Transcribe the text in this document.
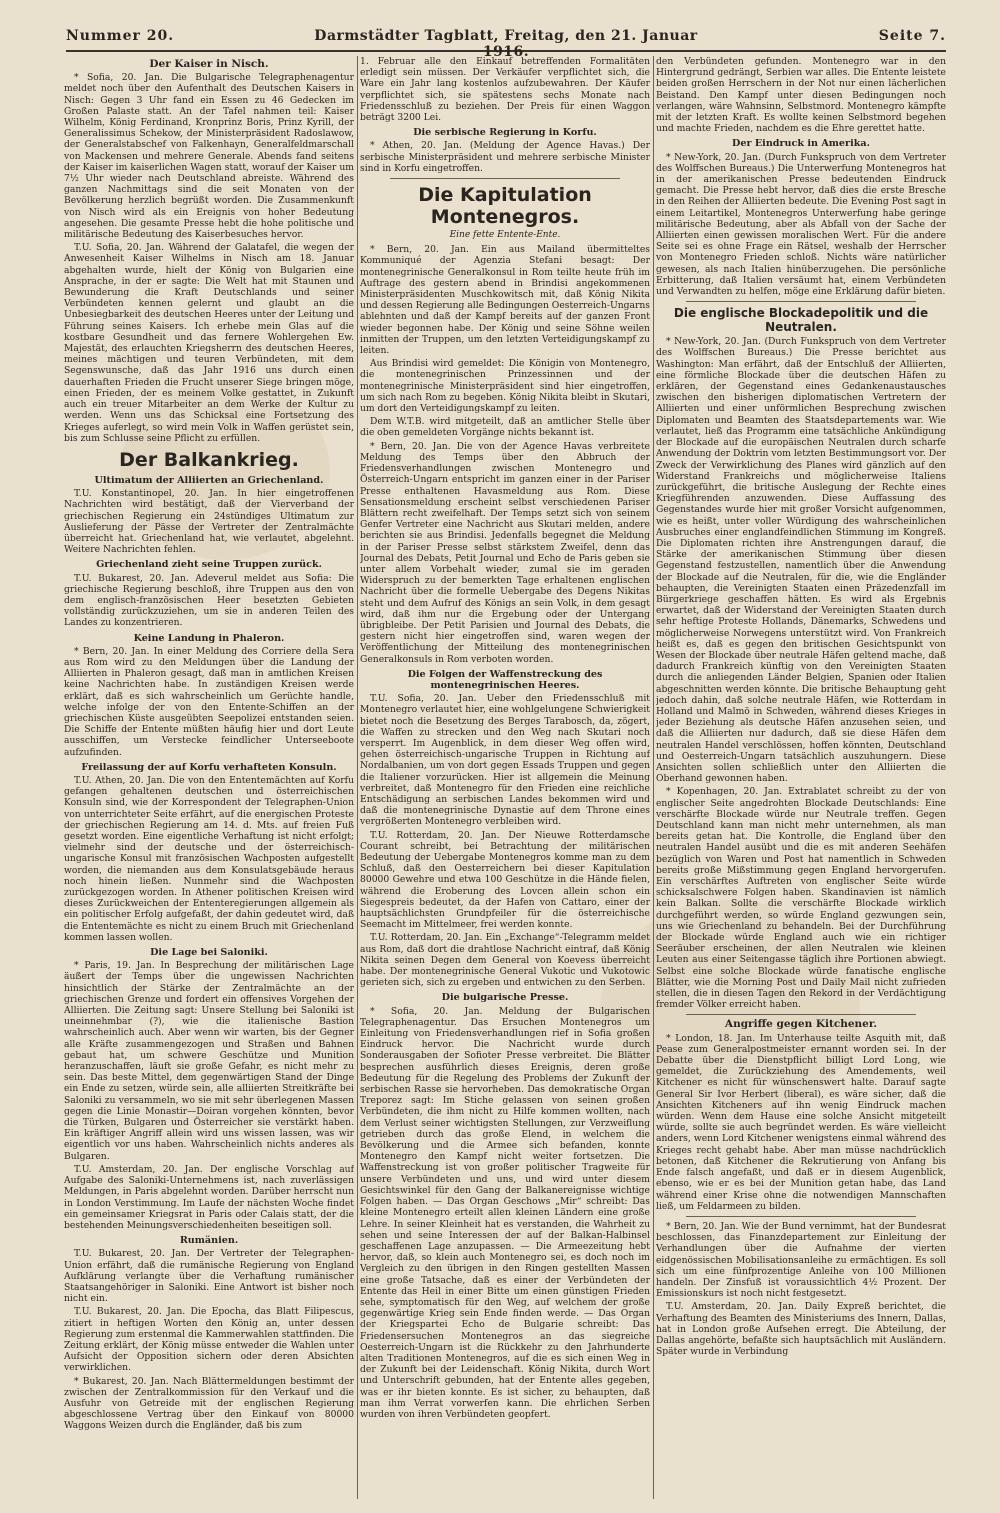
Nummer 20.	Darmstädter Tagblatt, Freitag, den 21. Januar 1916.
Seite 7.
Der Kaiser in Nisch.

* Sofia, 20. Jan. Die Bulgarische Telegraphenagentur meldet noch über den Aufenthalt des Deutschen Kaisers in Nisch: Gegen 3 Uhr fand ein Essen zu 46 Gedecken im Großen Palaste statt. An der Tafel nahmen teil: Kaiser Wilhelm, König Ferdinand, Kronprinz Boris, Prinz Kyrill, der Generalissimus Schekow, der Ministerpräsident Radoslawow, der Generalstabschef von Falkenhayn, Generalfeldmarschall von Mackensen und mehrere Generale. Abends fand seitens der Kaiser im kaiserlichen Wagen statt, worauf der Kaiser um 7½ Uhr wieder nach Deutschland abreiste. Während des ganzen Nachmittags sind die seit Monaten von der Bevölkerung herzlich begrüßt worden. Die Zusammenkunft von Nisch wird als ein Ereignis von hoher Bedeutung angesehen. Die gesamte Presse hebt die hohe politische und militärische Bedeutung des Kaiserbesuches hervor.

T.U. Sofia, 20. Jan. Während der Galatafel, die wegen der Anwesenheit Kaiser Wilhelms in Nisch am 18. Januar abgehalten wurde, hielt der König von Bulgarien eine Ansprache, in der er sagte: Die Welt hat mit Staunen und Bewunderung die Kraft Deutschlands und seiner Verbündeten kennen gelernt und glaubt an die Unbesiegbarkeit des deutschen Heeres unter der Leitung und Führung seines Kaisers. Ich erhebe mein Glas auf die kostbare Gesundheit und das fernere Wohlergehen Ew. Majestät, des erlauchten Kriegsherrn des deutschen Heeres, meines mächtigen und teuren Verbündeten, mit dem Segenswunsche, daß das Jahr 1916 uns durch einen dauerhaften Frieden die Frucht unserer Siege bringen möge, einen Frieden, der es meinem Volke gestattet, in Zukunft auch ein treuer Mitarbeiter an dem Werke der Kultur zu werden. Wenn uns das Schicksal eine Fortsetzung des Krieges auferlegt, so wird mein Volk in Waffen gerüstet sein, bis zum Schlusse seine Pflicht zu erfüllen.

Der Balkankrieg.
Ultimatum der Alliierten an Griechenland.

T.U. Konstantinopel, 20. Jan. In hier eingetroffenen Nachrichten wird bestätigt, daß der Vierverband der griechischen Regierung ein 24stündiges Ultimatum zur Auslieferung der Pässe der Vertreter der Zentralmächte überreicht hat. Griechenland hat, wie verlautet, abgelehnt. Weitere Nachrichten fehlen.

Griechenland zieht seine Truppen zurück.

T.U. Bukarest, 20. Jan. Adeverul meldet aus Sofia: Die griechische Regierung beschloß, ihre Truppen aus den von dem englisch-französischen Heer besetzten Gebieten vollständig zurückzuziehen, um sie in anderen Teilen des Landes zu konzentrieren.

Keine Landung in Phaleron.

* Bern, 20. Jan. In einer Meldung des Corriere della Sera aus Rom wird zu den Meldungen über die Landung der Alliierten in Phaleron gesagt, daß man in amtlichen Kreisen keine Nachrichten habe. In zuständigen Kreisen werde erklärt, daß es sich wahrscheinlich um Gerüchte handle, welche infolge der von den Entente-Schiffen an der griechischen Küste ausgeübten Seepolizei entstanden seien. Die Schiffe der Entente müßten häufig hier und dort Leute ausschiffen, um Verstecke feindlicher Unterseeboote aufzufinden.

Freilassung der auf Korfu verhafteten Konsuln.

T.U. Athen, 20. Jan. Die von den Ententemächten auf Korfu gefangen gehaltenen deutschen und österreichischen Konsuln sind, wie der Korrespondent der Telegraphen-Union von unterrichteter Seite erfährt, auf die energischen Proteste der griechischen Regierung am 14. d. Mts. auf freien Fuß gesetzt worden. Eine eigentliche Verhaftung ist nicht erfolgt; vielmehr sind der deutsche und der österreichisch-ungarische Konsul mit französischen Wachposten aufgestellt worden, die niemanden aus dem Konsulatsgebäude heraus noch hinein ließen. Nunmehr sind die Wachposten zurückgezogen worden. In Athener politischen Kreisen wird dieses Zurückweichen der Ententeregierungen allgemein als ein politischer Erfolg aufgefaßt, der dahin gedeutet wird, daß die Ententemächte es nicht zu einem Bruch mit Griechenland kommen lassen wollen.

Die Lage bei Saloniki.

* Paris, 19. Jan. In Besprechung der militärischen Lage äußert der Temps über die ungewissen Nachrichten hinsichtlich der Stärke der Zentralmächte an der griechischen Grenze und fordert ein offensives Vorgehen der Alliierten. Die Zeitung sagt: Unsere Stellung bei Saloniki ist uneinnehmbar (?), wie die italienische Bastion wahrscheinlich auch. Aber wenn wir warten, bis der Gegner alle Kräfte zusammengezogen und Straßen und Bahnen gebaut hat, um schwere Geschütze und Munition heranzuschaffen, läuft sie große Gefahr, es nicht mehr zu sein. Das beste Mittel, dem gegenwärtigen Stand der Dinge ein Ende zu setzen, würde sein, alle alliierten Streitkräfte bei Saloniki zu versammeln, wo sie mit sehr überlegenen Massen gegen die Linie Monastir—Doiran vorgehen könnten, bevor die Türken, Bulgaren und Österreicher sie verstärkt haben. Ein kräftiger Angriff allein wird uns wissen lassen, was wir eigentlich vor uns haben. Wahrscheinlich nichts anderes als Bulgaren.

T.U. Amsterdam, 20. Jan. Der englische Vorschlag auf Aufgabe des Saloniki-Unternehmens ist, nach zuverlässigen Meldungen, in Paris abgelehnt worden. Darüber herrscht nun in London Verstimmung. Im Laufe der nächsten Woche findet ein gemeinsamer Kriegsrat in Paris oder Calais statt, der die bestehenden Meinungsverschiedenheiten beseitigen soll.

Rumänien.

T.U. Bukarest, 20. Jan. Der Vertreter der Telegraphen-Union erfährt, daß die rumänische Regierung von England Aufklärung verlangte über die Verhaftung rumänischer Staatsangehöriger in Saloniki. Eine Antwort ist bisher noch nicht ein.

T.U. Bukarest, 20. Jan. Die Epocha, das Blatt Filipescus, zitiert in heftigen Worten den König an, unter dessen Regierung zum erstenmal die Kammerwahlen stattfinden. Die Zeitung erklärt, der König müsse entweder die Wahlen unter Aufsicht der Opposition sichern oder deren Absichten verwirklichen.

* Bukarest, 20. Jan. Nach Blättermeldungen bestimmt der zwischen der Zentralkommission für den Verkauf und die Ausfuhr von Getreide mit der englischen Regierung abgeschlossene Vertrag über den Einkauf von 80000 Waggons Weizen durch die Engländer, daß bis zum

1. Februar alle den Einkauf betreffenden Formalitäten erledigt sein müssen. Der Verkäufer verpflichtet sich, die Ware ein Jahr lang kostenlos aufzubewahren. Der Käufer verpflichtet sich, sie spätestens sechs Monate nach Friedensschluß zu beziehen. Der Preis für einen Waggon beträgt 3200 Lei.

Die serbische Regierung in Korfu.

* Athen, 20. Jan. (Meldung der Agence Havas.) Der serbische Ministerpräsident und mehrere serbische Minister sind in Korfu eingetroffen.

Die Kapitulation Montenegros.
Eine fette Entente-Ente.

* Bern, 20. Jan. Ein aus Mailand übermitteltes Kommuniqué der Agenzia Stefani besagt: Der montenegrinische Generalkonsul in Rom teilte heute früh im Auftrage des gestern abend in Brindisi angekommenen Ministerpräsidenten Muschkowitsch mit, daß König Nikita und dessen Regierung alle Bedingungen Oesterreich-Ungarns ablehnten und daß der Kampf bereits auf der ganzen Front wieder begonnen habe. Der König und seine Söhne weilen inmitten der Truppen, um den letzten Verteidigungskampf zu leiten.

Aus Brindisi wird gemeldet: Die Königin von Montenegro, die montenegrinischen Prinzessinnen und der montenegrinische Ministerpräsident sind hier eingetroffen, um sich nach Rom zu begeben. König Nikita bleibt in Skutari, um dort den Verteidigungskampf zu leiten.

Dem W.T.B. wird mitgeteilt, daß an amtlicher Stelle über die oben gemeldeten Vorgänge nichts bekannt ist.

* Bern, 20. Jan. Die von der Agence Havas verbreitete Meldung des Temps über den Abbruch der Friedensverhandlungen zwischen Montenegro und Österreich-Ungarn entspricht im ganzen einer in der Pariser Presse enthaltenen Havasmeldung aus Rom. Diese Sensationsmeldung erscheint selbst verschiedenen Pariser Blättern recht zweifelhaft. Der Temps setzt sich von seinem Genfer Vertreter eine Nachricht aus Skutari melden, andere berichten sie aus Brindisi. Jedenfalls begegnet die Meldung in der Pariser Presse selbst stärkstem Zweifel, denn das Journal des Debats, Petit Journal und Echo de Paris geben sie unter allem Vorbehalt wieder, zumal sie im geraden Widerspruch zu der bemerkten Tage erhaltenen englischen Nachricht über die formelle Uebergabe des Degens Nikitas steht und dem Aufruf des Königs an sein Volk, in dem gesagt wird, daß ihm nur die Ergebung oder der Untergang übrigbleibe. Der Petit Parisien und Journal des Debats, die gestern nicht hier eingetroffen sind, waren wegen der Veröffentlichung der Mitteilung des montenegrinischen Generalkonsuls in Rom verboten worden.

Die Folgen der Waffenstreckung des montenegrinischen Heeres.

T.U. Sofia, 20. Jan. Ueber den Friedensschluß mit Montenegro verlautet hier, eine wohlgelungene Schwierigkeit bietet noch die Besetzung des Berges Tarabosch, da, zögert, die Waffen zu strecken und den Weg nach Skutari noch versperrt. Im Augenblick, in dem dieser Weg offen wird, gehen österreichisch-ungarische Truppen in Richtung auf Nordalbanien, um von dort gegen Essads Truppen und gegen die Italiener vorzurücken. Hier ist allgemein die Meinung verbreitet, daß Montenegro für den Frieden eine reichliche Entschädigung an serbischen Landes bekommen wird und daß die montenegrinische Dynastie auf dem Throne eines vergrößerten Montenegro verbleiben wird.

T.U. Rotterdam, 20. Jan. Der Nieuwe Rotterdamsche Courant schreibt, bei Betrachtung der militärischen Bedeutung der Uebergabe Montenegros komme man zu dem Schluß, daß den Oesterreichern bei dieser Kapitulation 80000 Gewehre und etwa 100 Geschütze in die Hände fielen, während die Eroberung des Lovcen allein schon ein Siegespreis bedeutet, da der Hafen von Cattaro, einer der hauptsächlichsten Grundpfeiler für die österreichische Seemacht im Mittelmeer, frei werden konnte.

T.U. Rotterdam, 20. Jan. Ein „Exchange“-Telegramm meldet aus Rom, daß dort die drahtlose Nachricht eintraf, daß König Nikita seinen Degen dem General von Koevess überreicht habe. Der montenegrinische General Vukotic und Vukotowic gerieten sich, sich zu ergeben und entwichen zu den Serben.

Die bulgarische Presse.

* Sofia, 20. Jan. Meldung der Bulgarischen Telegraphenagentur. Das Ersuchen Montenegros um Einleitung von Friedensverhandlungen rief in Sofia großen Eindruck hervor. Die Nachricht wurde durch Sonderausgaben der Sofioter Presse verbreitet. Die Blätter besprechen ausführlich dieses Ereignis, deren große Bedeutung für die Regelung des Problems der Zukunft der serbischen Rasse sie hervorheben. Das demokratische Organ Treporez sagt: Im Stiche gelassen von seinen großen Verbündeten, die ihm nicht zu Hilfe kommen wollten, nach dem Verlust seiner wichtigsten Stellungen, zur Verzweiflung getrieben durch das große Elend, in welchem die Bevölkerung und die Armee sich befanden, konnte Montenegro den Kampf nicht weiter fortsetzen. Die Waffenstreckung ist von großer politischer Tragweite für unsere Verbündeten und uns, und wird unter diesem Gesichtswinkel für den Gang der Balkanereignisse wichtige Folgen haben. — Das Organ Geschows „Mir“ schreibt: Das kleine Montenegro erteilt allen kleinen Ländern eine große Lehre. In seiner Kleinheit hat es verstanden, die Wahrheit zu sehen und seine Interessen der auf der Balkan-Halbinsel geschaffenen Lage anzupassen. — Die Armeezeitung hebt hervor, daß, so klein auch Montenegro sei, es doch noch im Vergleich zu den übrigen in den Ringen gestellten Massen eine große Tatsache, daß es einer der Verbündeten der Entente das Heil in einer Bitte um einen günstigen Frieden sehe, symptomatisch für den Weg, auf welchem der große gegenwärtige Krieg sein Ende finden werde. — Das Organ der Kriegspartei Echo de Bulgarie schreibt: Das Friedensersuchen Montenegros an das siegreiche Oesterreich-Ungarn ist die Rückkehr zu den Jahrhunderte alten Traditionen Montenegros, auf die es sich einen Weg in der Zukunft bei der Leidenschaft. König Nikita, durch Wort und Unterschrift gebunden, hat der Entente alles gegeben, was er ihr bieten konnte. Es ist sicher, zu behaupten, daß man ihm Verrat vorwerfen kann. Die ehrlichen Serben wurden von ihren Verbündeten geopfert.

den Verbündeten gefunden. Montenegro war in den Hintergrund gedrängt, Serbien war alles. Die Entente leistete beiden großen Herrschern in der Not nur einen lächerlichen Beistand. Den Kampf unter diesen Bedingungen noch verlangen, wäre Wahnsinn, Selbstmord. Montenegro kämpfte mit der letzten Kraft. Es wollte keinen Selbstmord begehen und machte Frieden, nachdem es die Ehre gerettet hatte.

Der Eindruck in Amerika.

* New-York, 20. Jan. (Durch Funkspruch von dem Vertreter des Wolffschen Bureaus.) Die Unterwerfung Montenegros hat in der amerikanischen Presse bedeutenden Eindruck gemacht. Die Presse hebt hervor, daß dies die erste Bresche in den Reihen der Alliierten bedeute. Die Evening Post sagt in einem Leitartikel, Montenegros Unterwerfung habe geringe militärische Bedeutung, aber als Abfall von der Sache der Alliierten einen gewissen moralischen Wert. Für die andere Seite sei es ohne Frage ein Rätsel, weshalb der Herrscher von Montenegro Frieden schloß. Nichts wäre natürlicher gewesen, als nach Italien hinüberzugehen. Die persönliche Erbitterung, daß Italien versäumt hat, einem Verbündeten und Verwandten zu helfen, möge eine Erklärung dafür bieten.

Die englische Blockadepolitik und die Neutralen.

* New-York, 20. Jan. (Durch Funkspruch von dem Vertreter des Wolffschen Bureaus.) Die Presse berichtet aus Washington: Man erfährt, daß der Entschluß der Alliierten, eine förmliche Blockade über die deutschen Häfen zu erklären, der Gegenstand eines Gedankenaustausches zwischen den bisherigen diplomatischen Vertretern der Alliierten und einer unförmlichen Besprechung zwischen Diplomaten und Beamten des Staatsdepartements war. Wie verlautet, ließ das Programm eine tatsächliche Ankündigung der Blockade auf die europäischen Neutralen durch scharfe Anwendung der Doktrin vom letzten Bestimmungsort vor. Der Zweck der Verwirklichung des Planes wird gänzlich auf den Widerstand Frankreichs und möglicherweise Italiens zurückgeführt, die britische Auslegung der Rechte eines Kriegführenden anzuwenden. Diese Auffassung des Gegenstandes wurde hier mit großer Vorsicht aufgenommen, wie es heißt, unter voller Würdigung des wahrscheinlichen Ausbruches einer englandfeindlichen Stimmung im Kongreß. Die Diplomaten richten ihre Anstrengungen darauf, die Stärke der amerikanischen Stimmung über diesen Gegenstand festzustellen, namentlich über die Anwendung der Blockade auf die Neutralen, für die, wie die Engländer behaupten, die Vereinigten Staaten einen Präzedenzfall im Bürgerkriege geschaffen hätten. Es wird als Ergebnis erwartet, daß der Widerstand der Vereinigten Staaten durch sehr heftige Proteste Hollands, Dänemarks, Schwedens und möglicherweise Norwegens unterstützt wird. Von Frankreich heißt es, daß es gegen den britischen Gesichtspunkt von Wesen der Blockade über neutrale Häfen geltend mache, daß dadurch Frankreich künftig von den Vereinigten Staaten durch die anliegenden Länder Belgien, Spanien oder Italien abgeschnitten werden könnte. Die britische Behauptung geht jedoch dahin, daß solche neutrale Häfen, wie Rotterdam in Holland und Malmö in Schweden, während dieses Krieges in jeder Beziehung als deutsche Häfen anzusehen seien, und daß die Alliierten nur dadurch, daß sie diese Häfen dem neutralen Handel verschlössen, hoffen könnten, Deutschland und Oesterreich-Ungarn tatsächlich auszuhungern. Diese Ansichten sollen schließlich unter den Alliierten die Oberhand gewonnen haben.

* Kopenhagen, 20. Jan. Extrablatet schreibt zu der von englischer Seite angedrohten Blockade Deutschlands: Eine verschärfte Blockade würde nur Neutrale treffen. Gegen Deutschland kann man nicht mehr unternehmen, als man bereits getan hat. Die Kontrolle, die England über den neutralen Handel ausübt und die es mit anderen Seehäfen bezüglich von Waren und Post hat namentlich in Schweden bereits große Mißstimmung gegen England hervorgerufen. Ein verschärftes Auftreten von englischer Seite würde schicksalschwere Folgen haben. Skandinavien ist nämlich kein Balkan. Sollte die verschärfte Blockade wirklich durchgeführt werden, so würde England gezwungen sein, uns wie Griechenland zu behandeln. Bei der Durchführung der Blockade würde England auch wie ein richtiger Seeräuber erscheinen, der allen Neutralen wie kleinen Leuten aus einer Seitengasse täglich ihre Portionen abwiegt. Selbst eine solche Blockade würde fanatische englische Blätter, wie die Morning Post und Daily Mail nicht zufrieden stellen, die in diesen Tagen den Rekord in der Verdächtigung fremder Völker erreicht haben.

Angriffe gegen Kitchener.

* London, 18. Jan. Im Unterhause teilte Asquith mit, daß Pease zum Generalpostmeister ernannt worden sei. In der Debatte über die Dienstpflicht billigt Lord Long, wie gemeldet, die Zurückziehung des Amendements, weil Kitchener es nicht für wünschenswert halte. Darauf sagte General Sir Ivor Herbert (liberal), es wäre sicher, daß die Ansichten Kitcheners auf ihn wenig Eindruck machen würden. Wenn dem Hause eine solche Ansicht mitgeteilt würde, sollte sie auch begründet werden. Es wäre vielleicht anders, wenn Lord Kitchener wenigstens einmal während des Krieges recht gehabt habe. Aber man müsse nachdrücklich betonen, daß Kitchener die Rekrutierung von Anfang bis Ende falsch angefaßt, und daß er in diesem Augenblick, ebenso, wie er es bei der Munition getan habe, das Land während einer Krise ohne die notwendigen Mannschaften ließ, um Feldarmeen zu bilden.

* Bern, 20. Jan. Wie der Bund vernimmt, hat der Bundesrat beschlossen, das Finanzdepartement zur Einleitung der Verhandlungen über die Aufnahme der vierten eidgenössischen Mobilisationsanleihe zu ermächtigen. Es soll sich um eine fünfprozentige Anleihe von 100 Millionen handeln. Der Zinsfuß ist voraussichtlich 4½ Prozent. Der Emissionskurs ist noch nicht festgesetzt.

T.U. Amsterdam, 20. Jan. Daily Expreß berichtet, die Verhaftung des Beamten des Ministeriums des Innern, Dallas, hat in London große Aufsehen erregt. Die Abteilung, der Dallas angehörte, befaßte sich hauptsächlich mit Ausländern. Später wurde in Verbindung
